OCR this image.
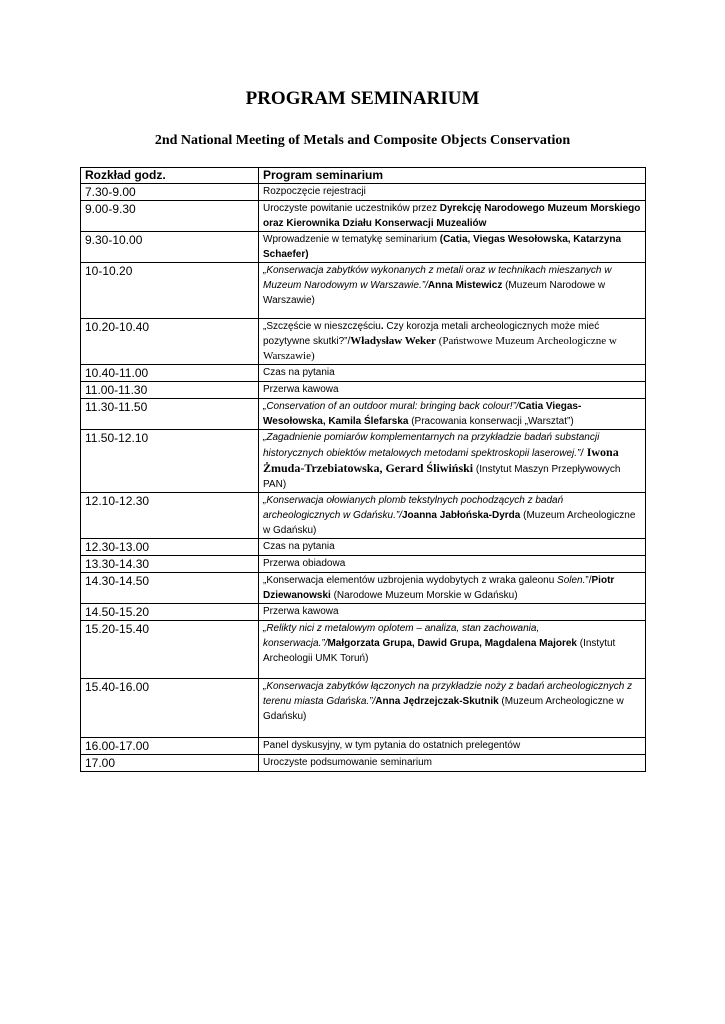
PROGRAM SEMINARIUM
2nd National Meeting of Metals and Composite Objects Conservation
Rozkład godz.	Program seminarium
7.30-9.00	Rozpoczęcie rejestracji
9.00-9.30	Uroczyste powitanie uczestników przez Dyrekcję Narodowego Muzeum Morskiego oraz Kierownika Działu Konserwacji Muzealiów
9.30-10.00	Wprowadzenie w tematykę seminarium (Catia, Viegas Wesołowska, Katarzyna Schaefer)
10-10.20	„Konserwacja zabytków wykonanych z metali oraz w technikach mieszanych w Muzeum Narodowym w Warszawie.”/Anna Mistewicz (Muzeum Narodowe w Warszawie)
10.20-10.40	„Szczęście w nieszczęściu. Czy korozja metali archeologicznych może mieć pozytywne skutki?”/Władysław Weker (Państwowe Muzeum Archeologiczne w Warszawie)
10.40-11.00	Czas na pytania
11.00-11.30	Przerwa kawowa
11.30-11.50	„Conservation of an outdoor mural: bringing back colour!”/Catia Viegas-Wesołowska, Kamila Ślefarska (Pracowania konserwacji „Warsztat”)
11.50-12.10	„Zagadnienie pomiarów komplementarnych na przykładzie badań substancji historycznych obiektów metalowych metodami spektroskopii laserowej.”/ Iwona Żmuda-Trzebiatowska, Gerard Śliwiński (Instytut Maszyn Przepływowych PAN)
12.10-12.30	„Konserwacja ołowianych plomb tekstylnych pochodzących z badań archeologicznych w Gdańsku.”/Joanna Jabłońska-Dyrda (Muzeum Archeologiczne w Gdańsku)
12.30-13.00	Czas na pytania
13.30-14.30	Przerwa obiadowa
14.30-14.50	„Konserwacja elementów uzbrojenia wydobytych z wraka galeonu Solen.”/Piotr Dziewanowski (Narodowe Muzeum Morskie w Gdańsku)
14.50-15.20	Przerwa kawowa
15.20-15.40	„Relikty nici z metalowym oplotem – analiza, stan zachowania, konserwacja.”/Małgorzata Grupa, Dawid Grupa, Magdalena Majorek (Instytut Archeologii UMK Toruń)
15.40-16.00	„Konserwacja zabytków łączonych na przykładzie noży z badań archeologicznych z terenu miasta Gdańska.”/Anna Jędrzejczak-Skutnik (Muzeum Archeologiczne w Gdańsku)
16.00-17.00	Panel dyskusyjny, w tym pytania do ostatnich prelegentów
17.00	Uroczyste podsumowanie seminarium
